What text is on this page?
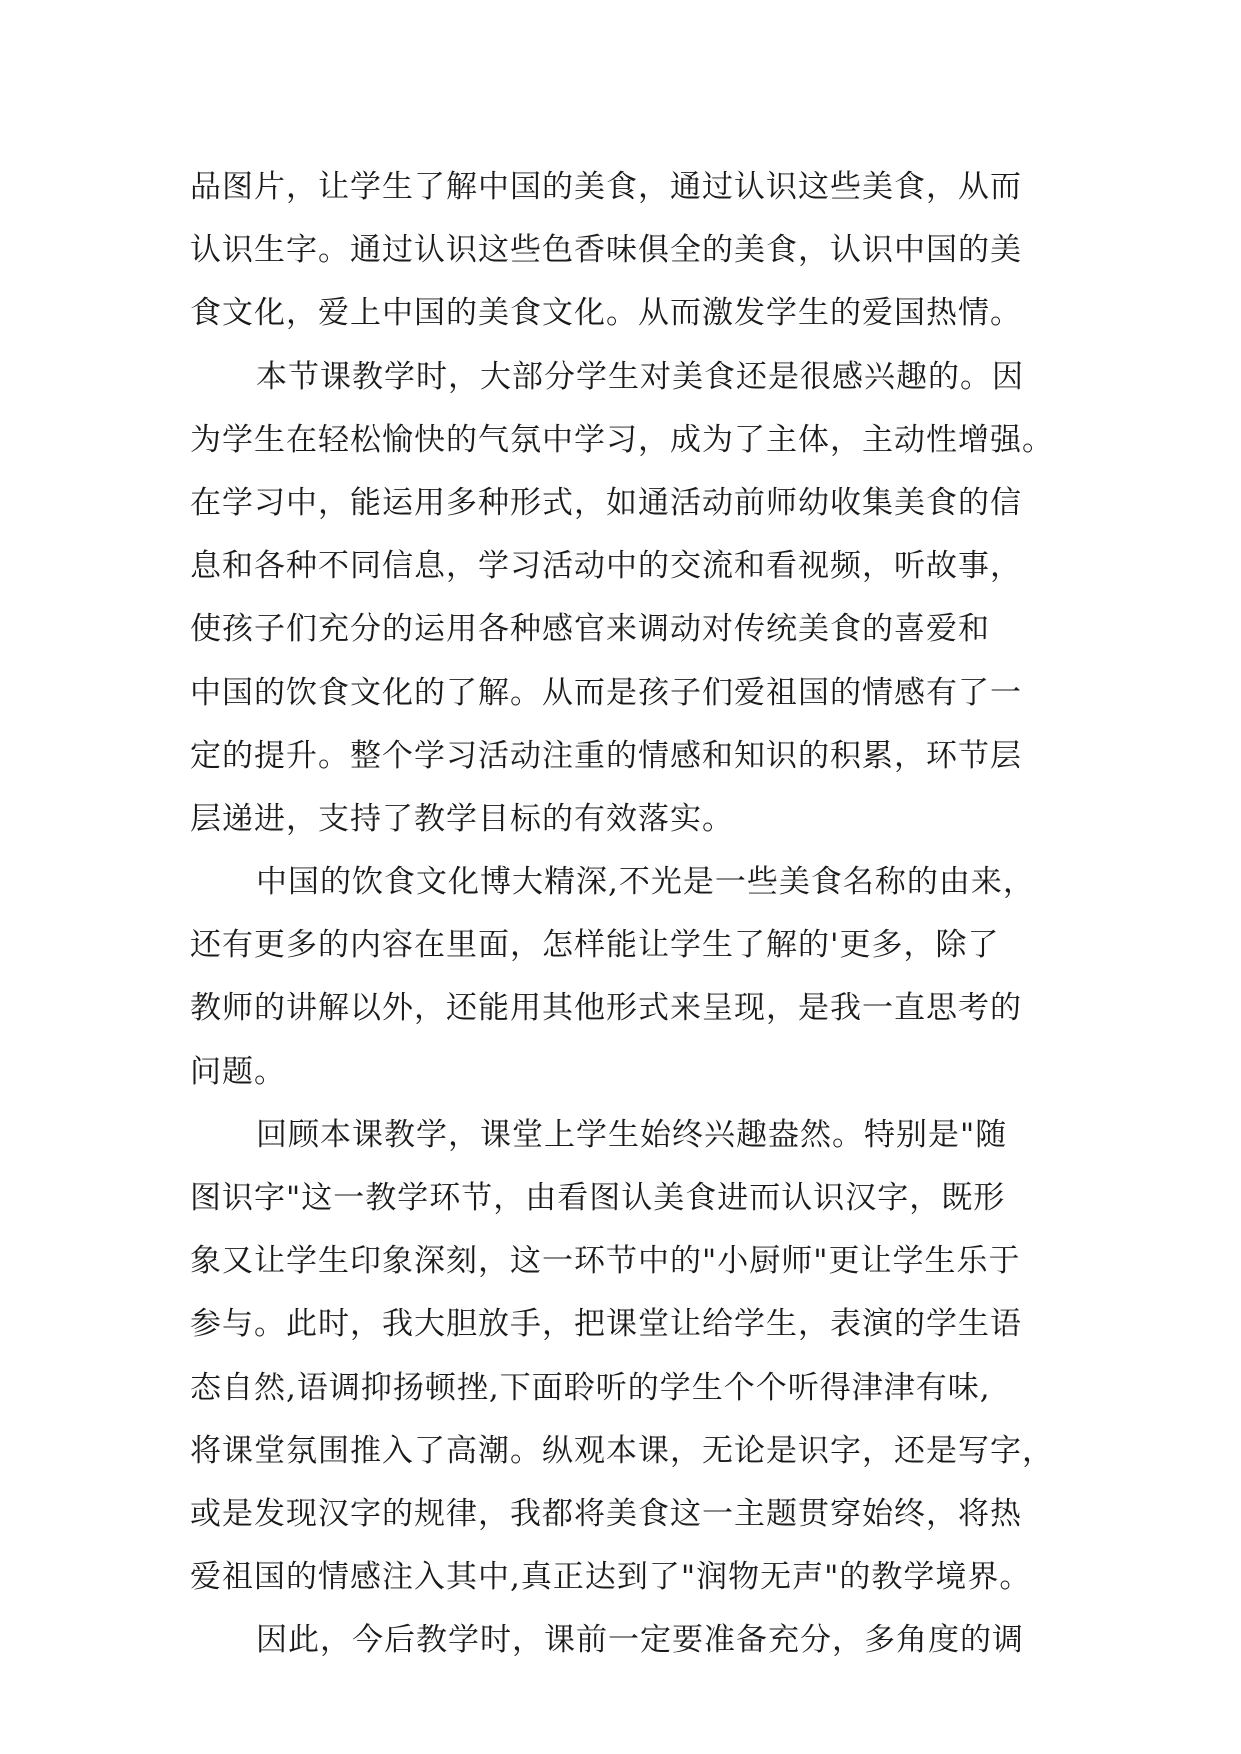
品图片，让学生了解中国的美食，通过认识这些美食，从而
认识生字。通过认识这些色香味俱全的美食，认识中国的美
食文化，爱上中国的美食文化。从而激发学生的爱国热情。
本节课教学时，大部分学生对美食还是很感兴趣的。因
为学生在轻松愉快的气氛中学习，成为了主体，主动性增强。
在学习中，能运用多种形式，如通活动前师幼收集美食的信
息和各种不同信息，学习活动中的交流和看视频，听故事，
使孩子们充分的运用各种感官来调动对传统美食的喜爱和
中国的饮食文化的了解。从而是孩子们爱祖国的情感有了一
定的提升。整个学习活动注重的情感和知识的积累，环节层
层递进，支持了教学目标的有效落实。
中国的饮食文化博大精深,不光是一些美食名称的由来，
还有更多的内容在里面，怎样能让学生了解的'更多，除了
教师的讲解以外，还能用其他形式来呈现，是我一直思考的
问题。
回顾本课教学，课堂上学生始终兴趣盎然。特别是"随
图识字"这一教学环节，由看图认美食进而认识汉字，既形
象又让学生印象深刻，这一环节中的"小厨师"更让学生乐于
参与。此时，我大胆放手，把课堂让给学生，表演的学生语
态自然,语调抑扬顿挫,下面聆听的学生个个听得津津有味,
将课堂氛围推入了高潮。纵观本课，无论是识字，还是写字，
或是发现汉字的规律，我都将美食这一主题贯穿始终，将热
爱祖国的情感注入其中,真正达到了"润物无声"的教学境界。
因此，今后教学时，课前一定要准备充分，多角度的调
